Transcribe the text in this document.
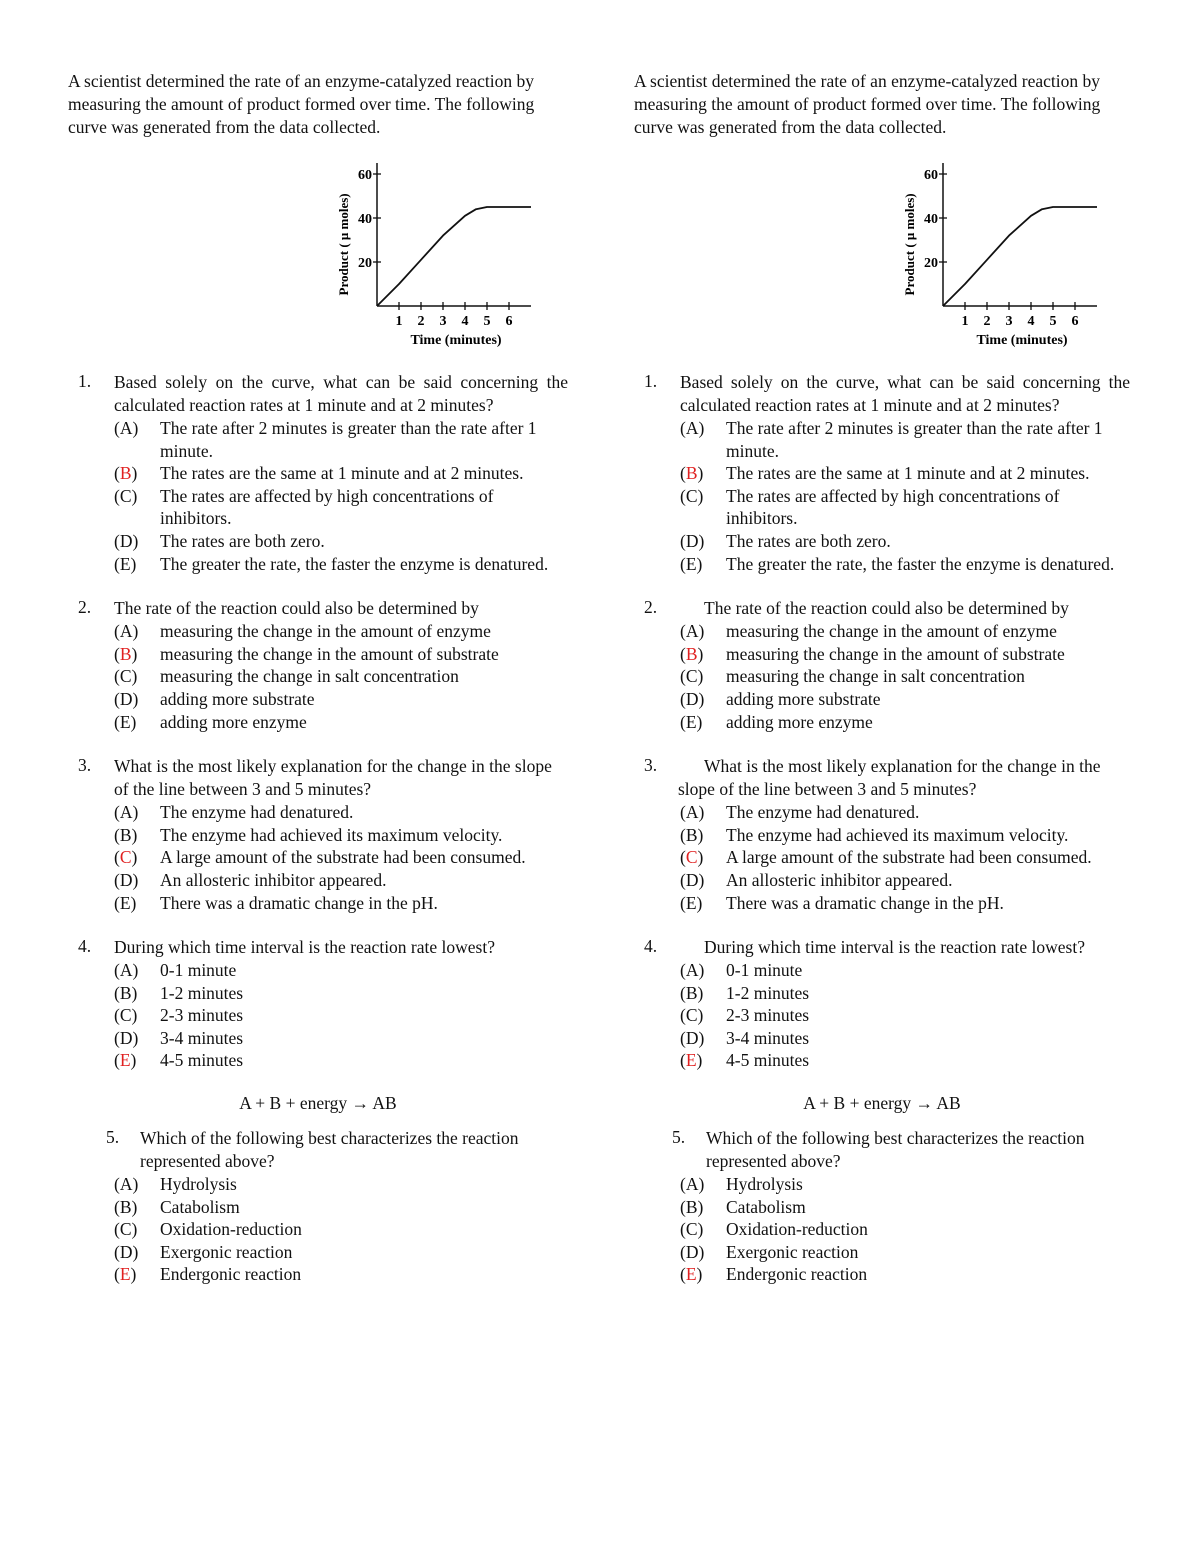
A scientist determined the rate of an enzyme-catalyzed reaction by measuring the amount of product formed over time. The following curve was generated from the data collected.

20
40
60
1 2 3 4 5 6
Time (minutes)
Product ( μ moles)
1. Based solely on the curve, what can be said concerning the calculated reaction rates at 1 minute and at 2 minutes?
(A) The rate after 2 minutes is greater than the rate after 1 minute.
(B) The rates are the same at 1 minute and at 2 minutes.
(C) The rates are affected by high concentrations of inhibitors.
(D) The rates are both zero.
(E) The greater the rate, the faster the enzyme is denatured.
2. The rate of the reaction could also be determined by
(A) measuring the change in the amount of enzyme
(B) measuring the change in the amount of substrate
(C) measuring the change in salt concentration
(D) adding more substrate
(E) adding more enzyme
3. What is the most likely explanation for the change in the slope of the line between 3 and 5 minutes?
(A) The enzyme had denatured.
(B) The enzyme had achieved its maximum velocity.
(C) A large amount of the substrate had been consumed.
(D) An allosteric inhibitor appeared.
(E) There was a dramatic change in the pH.
4. During which time interval is the reaction rate lowest?
(A) 0-1 minute
(B) 1-2 minutes
(C) 2-3 minutes
(D) 3-4 minutes
(E) 4-5 minutes
A + B + energy → AB
5. Which of the following best characterizes the reaction represented above?
(A) Hydrolysis
(B) Catabolism
(C) Oxidation-reduction
(D) Exergonic reaction
(E) Endergonic reaction

A scientist determined the rate of an enzyme-catalyzed reaction by measuring the amount of product formed over time. The following curve was generated from the data collected.

20
40
60
1 2 3 4 5 6
Time (minutes)
Product ( μ moles)
1. Based solely on the curve, what can be said concerning the calculated reaction rates at 1 minute and at 2 minutes?
(A) The rate after 2 minutes is greater than the rate after 1 minute.
(B) The rates are the same at 1 minute and at 2 minutes.
(C) The rates are affected by high concentrations of inhibitors.
(D) The rates are both zero.
(E) The greater the rate, the faster the enzyme is denatured.
2.	The rate of the reaction could also be determined by
(A) measuring the change in the amount of enzyme
(B) measuring the change in the amount of substrate
(C) measuring the change in salt concentration
(D) adding more substrate
(E) adding more enzyme
3.	What is the most likely explanation for the change in the slope of the line between 3 and 5 minutes?
(A) The enzyme had denatured.
(B) The enzyme had achieved its maximum velocity.
(C) A large amount of the substrate had been consumed.
(D) An allosteric inhibitor appeared.
(E) There was a dramatic change in the pH.
4.	During which time interval is the reaction rate lowest?
(A) 0-1 minute
(B) 1-2 minutes
(C) 2-3 minutes
(D) 3-4 minutes
(E) 4-5 minutes
A + B + energy → AB
5. Which of the following best characterizes the reaction represented above?
(A) Hydrolysis
(B) Catabolism
(C) Oxidation-reduction
(D) Exergonic reaction
(E) Endergonic reaction
